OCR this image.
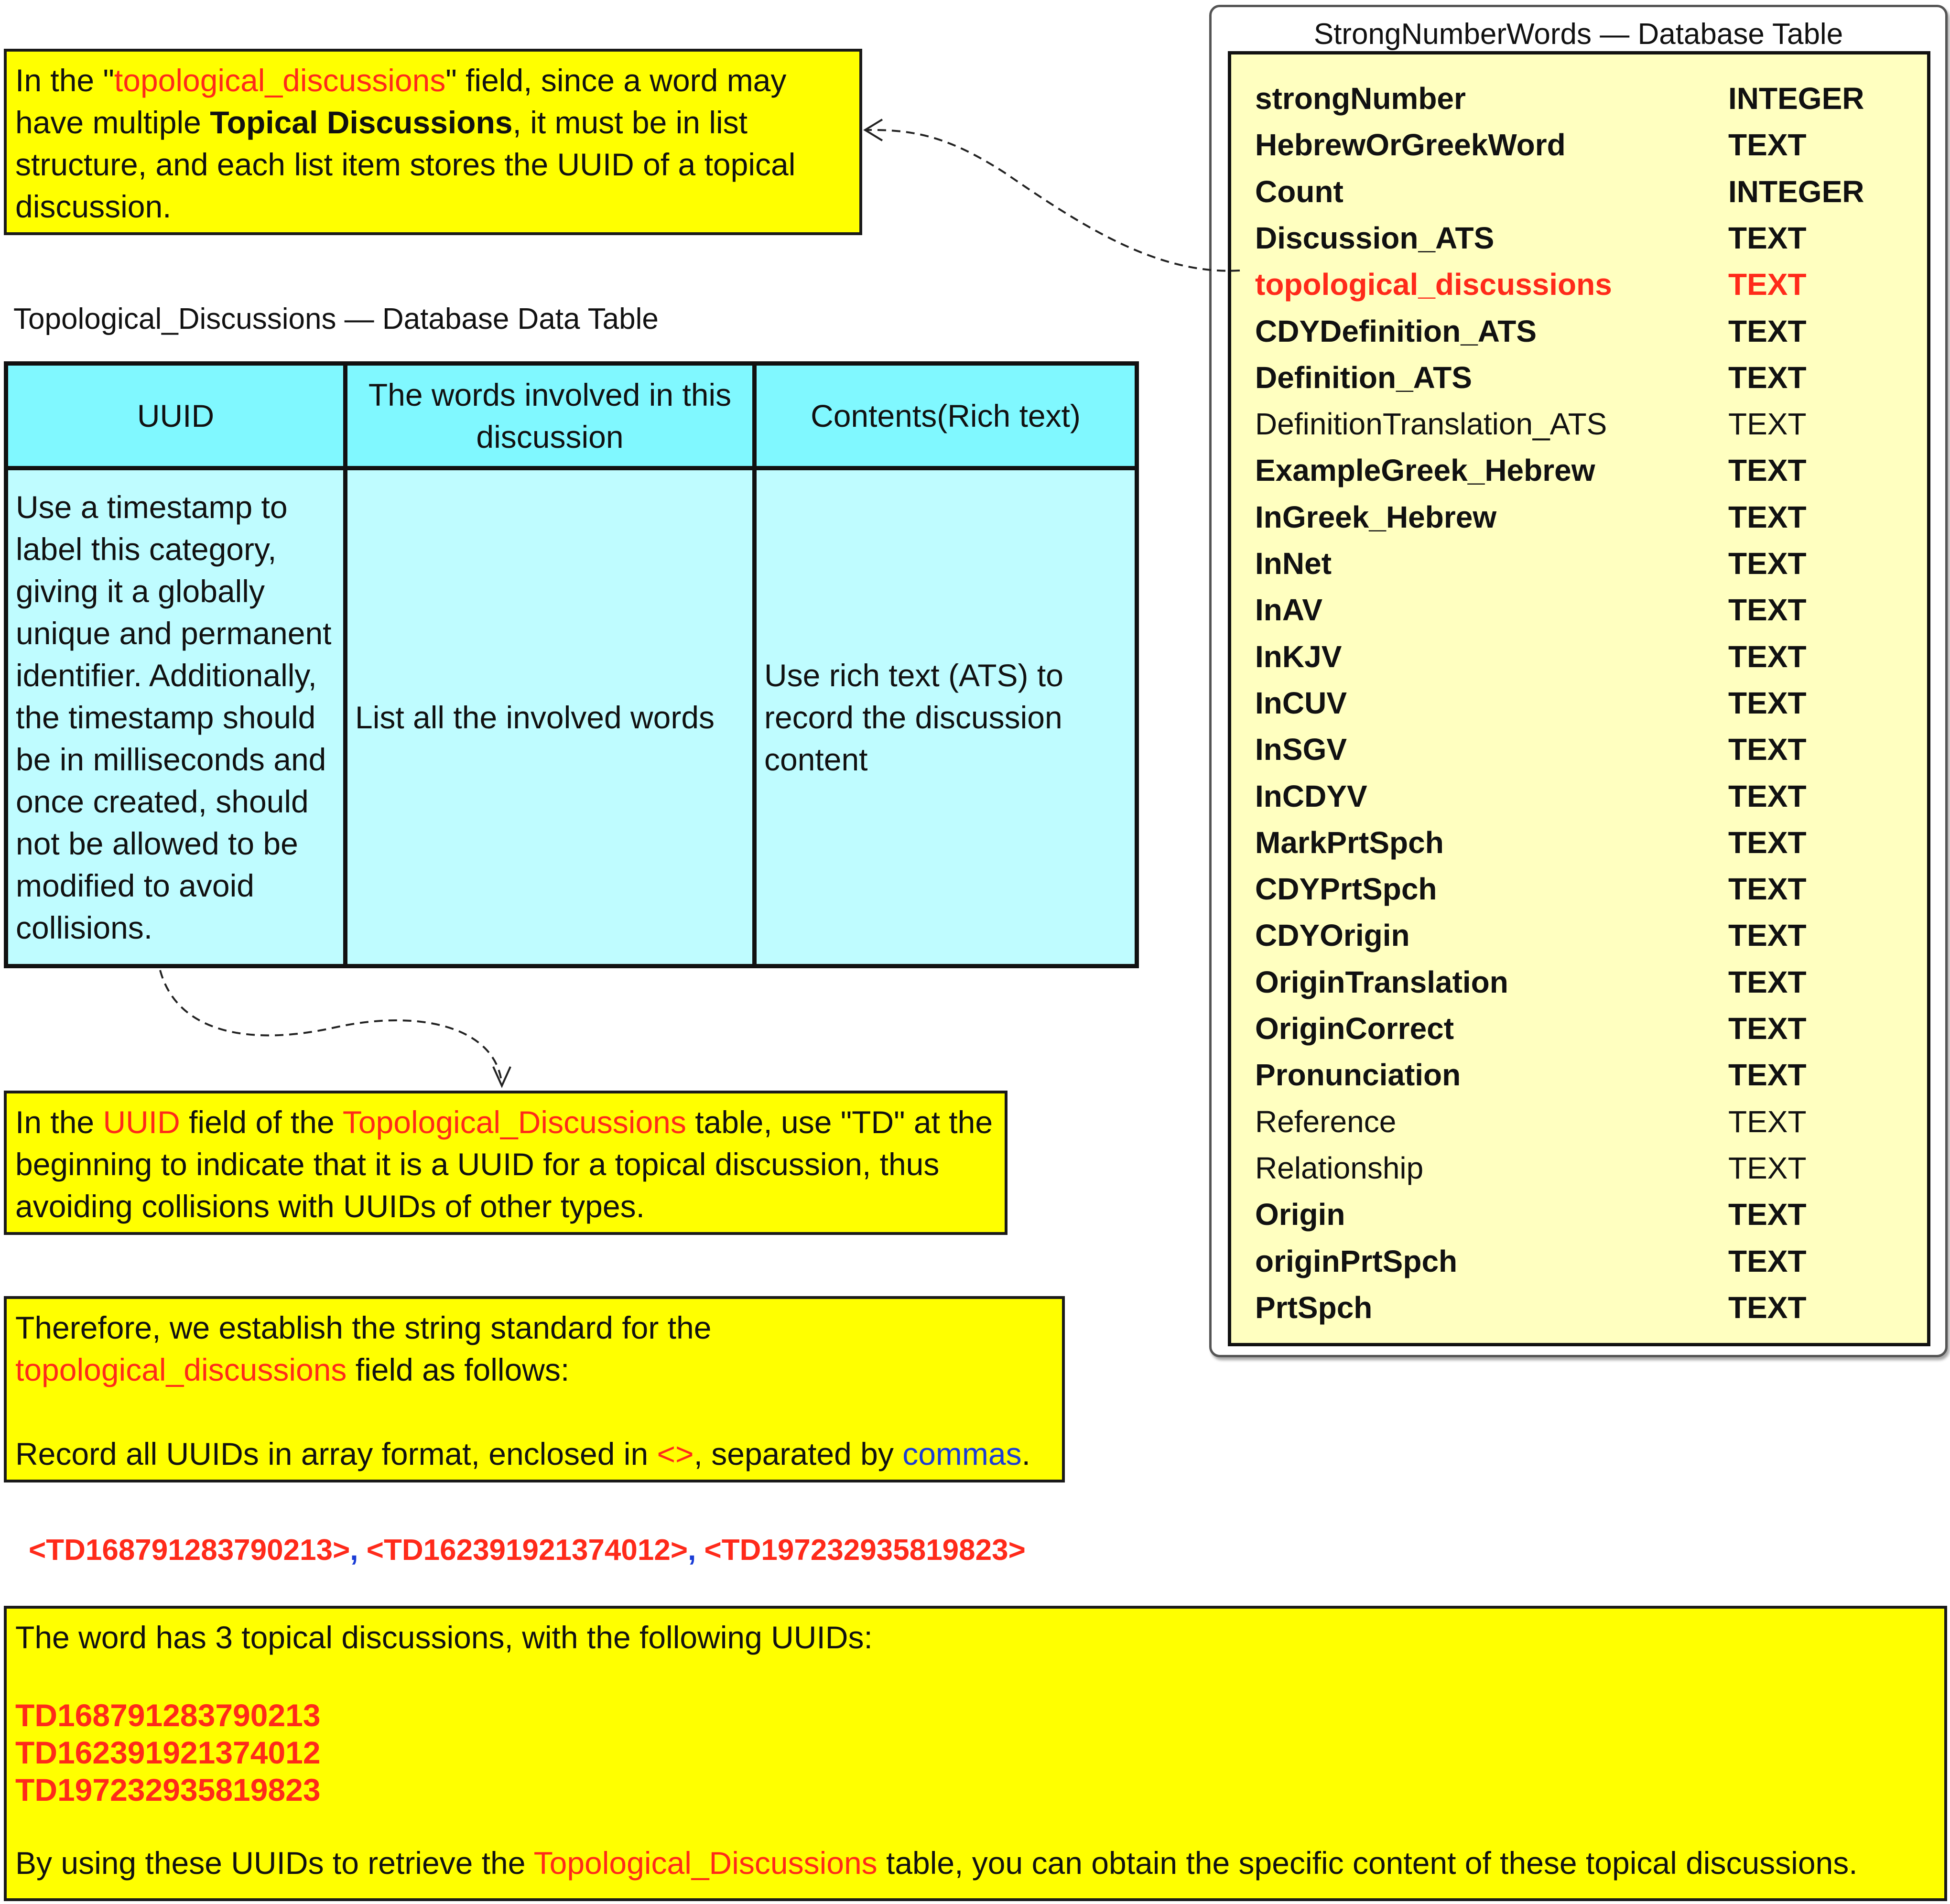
In the "topological_discussions" field, since a word may have multiple Topical Discussions, it must be in list structure, and each list item stores the UUID of a topical discussion.

Topological_Discussions — Database Data Table
UUID	The words involved in this discussion	Contents(Rich text)
Use a timestamp to label this category, giving it a globally unique and permanent identifier. Additionally, the timestamp should be in milliseconds and once created, should not be allowed to be modified to avoid collisions.	List all the involved words	Use rich text (ATS) to record the discussion content

In the UUID field of the Topological_Discussions table, use "TD" at the beginning to indicate that it is a UUID for a topical discussion, thus avoiding collisions with UUIDs of other types.

Therefore, we establish the string standard for the
topological_discussions field as follows:

Record all UUIDs in array format, enclosed in <>, separated by commas.

<TD168791283790213>, <TD162391921374012>, <TD197232935819823>

The word has 3 topical discussions, with the following UUIDs:

TD168791283790213
TD162391921374012
TD197232935819823

By using these UUIDs to retrieve the Topological_Discussions table, you can obtain the specific content of these topical discussions.

StrongNumberWords — Database Table
strongNumber	INTEGER
HebrewOrGreekWord	TEXT
Count	INTEGER
Discussion_ATS	TEXT
topological_discussions	TEXT
CDYDefinition_ATS	TEXT
Definition_ATS	TEXT
DefinitionTranslation_ATS	TEXT
ExampleGreek_Hebrew	TEXT
InGreek_Hebrew	TEXT
InNet	TEXT
InAV	TEXT
InKJV	TEXT
InCUV	TEXT
InSGV	TEXT
InCDYV	TEXT
MarkPrtSpch	TEXT
CDYPrtSpch	TEXT
CDYOrigin	TEXT
OriginTranslation	TEXT
OriginCorrect	TEXT
Pronunciation	TEXT
Reference	TEXT
Relationship	TEXT
Origin	TEXT
originPrtSpch	TEXT
PrtSpch	TEXT
